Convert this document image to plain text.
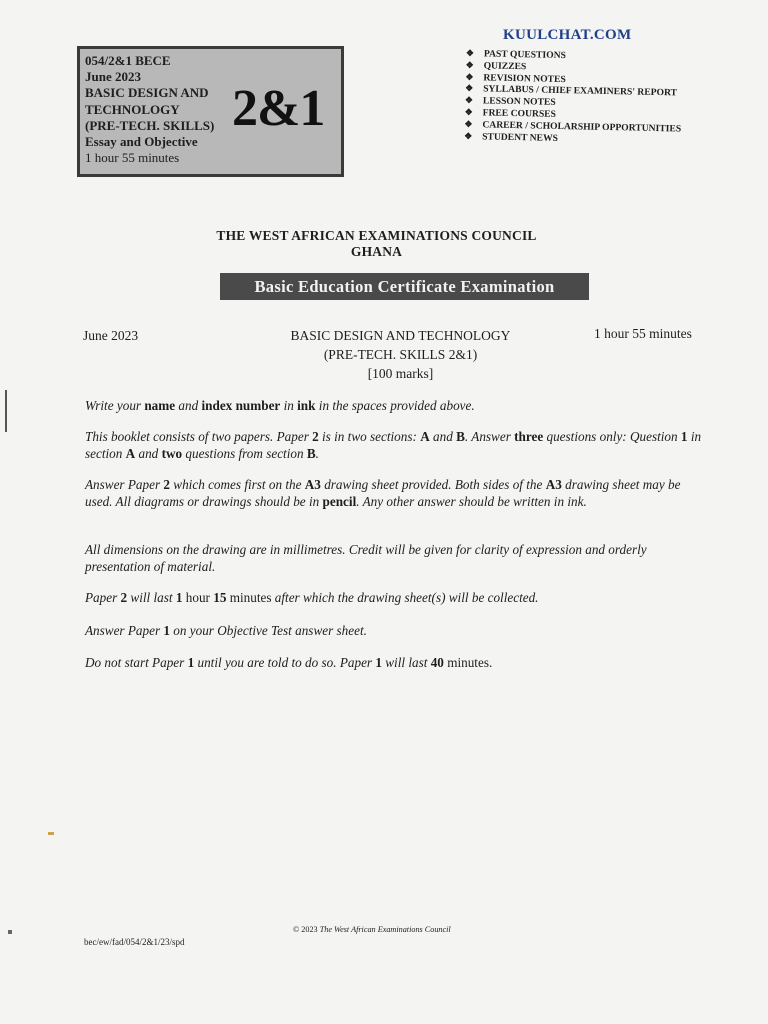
054/2&1 BECE
June 2023
BASIC DESIGN AND
TECHNOLOGY
(PRE-TECH. SKILLS)
Essay and Objective
1 hour 55 minutes
2&1
KUULCHAT.COM
❖ PAST QUESTIONS
❖ QUIZZES
❖ REVISION NOTES
❖ SYLLABUS / CHIEF EXAMINERS' REPORT
❖ LESSON NOTES
❖ FREE COURSES
❖ CAREER / SCHOLARSHIP OPPORTUNITIES
❖ STUDENT NEWS
THE WEST AFRICAN EXAMINATIONS COUNCIL
GHANA
Basic Education Certificate Examination
June 2023	BASIC DESIGN AND TECHNOLOGY
(PRE-TECH. SKILLS 2&1)
[100 marks]
1 hour 55 minutes
Write your name and index number in ink in the spaces provided above.
This booklet consists of two papers. Paper 2 is in two sections: A and B. Answer three questions only: Question 1 in section A and two questions from section B.
Answer Paper 2 which comes first on the A3 drawing sheet provided. Both sides of the A3 drawing sheet may be used. All diagrams or drawings should be in pencil. Any other answer should be written in ink.
All dimensions on the drawing are in millimetres. Credit will be given for clarity of expression and orderly presentation of material.
Paper 2 will last 1 hour 15 minutes after which the drawing sheet(s) will be collected.
Answer Paper 1 on your Objective Test answer sheet.
Do not start Paper 1 until you are told to do so. Paper 1 will last 40 minutes.
© 2023 The West African Examinations Council
bec/ew/fad/054/2&1/23/spd
